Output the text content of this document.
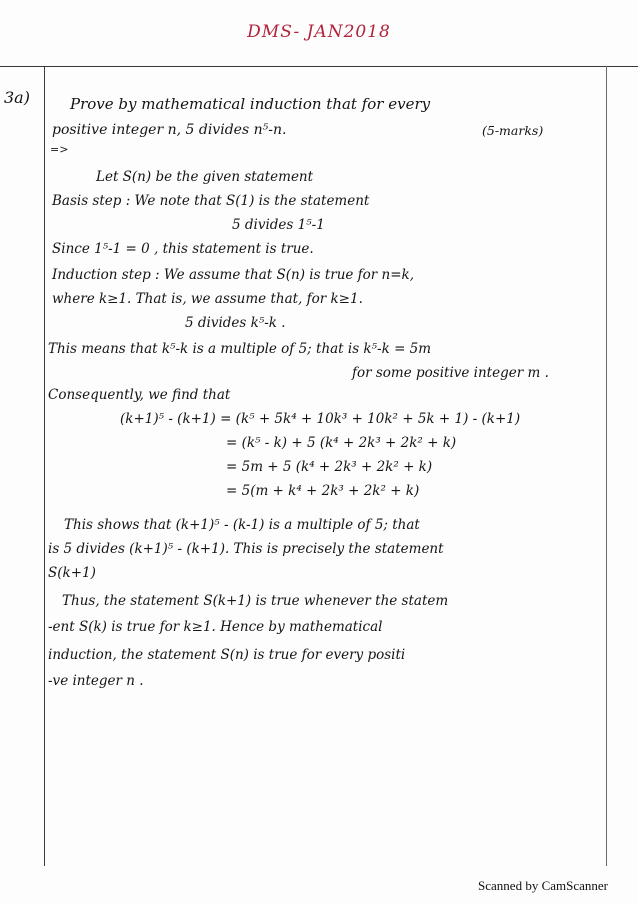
DMS- JAN2018
3a)	Prove by mathematical induction that for every
positive integer n, 5 divides n⁵-n.	(5-marks)
=>
Let S(n) be the given statement
Basis step : We note that S(1) is the statement
5 divides 1⁵-1
Since 1⁵-1 = 0 , this statement is true.
Induction step : We assume that S(n) is true for n=k,
where k≥1. That is, we assume that, for k≥1.
5 divides k⁵-k .
This means that k⁵-k is a multiple of 5; that is k⁵-k = 5m
for some positive integer m .
Consequently, we find that
(k+1)⁵ - (k+1) = (k⁵ + 5k⁴ + 10k³ + 10k² + 5k + 1) - (k+1)
= (k⁵ - k) + 5 (k⁴ + 2k³ + 2k² + k)
= 5m + 5 (k⁴ + 2k³ + 2k² + k)
= 5(m + k⁴ + 2k³ + 2k² + k)
This shows that (k+1)⁵ - (k-1) is a multiple of 5; that
is 5 divides (k+1)⁵ - (k+1). This is precisely the statement
S(k+1)
Thus, the statement S(k+1) is true whenever the statem
-ent S(k) is true for k≥1. Hence by mathematical
induction, the statement S(n) is true for every positi
-ve integer n .
Scanned by CamScanner
